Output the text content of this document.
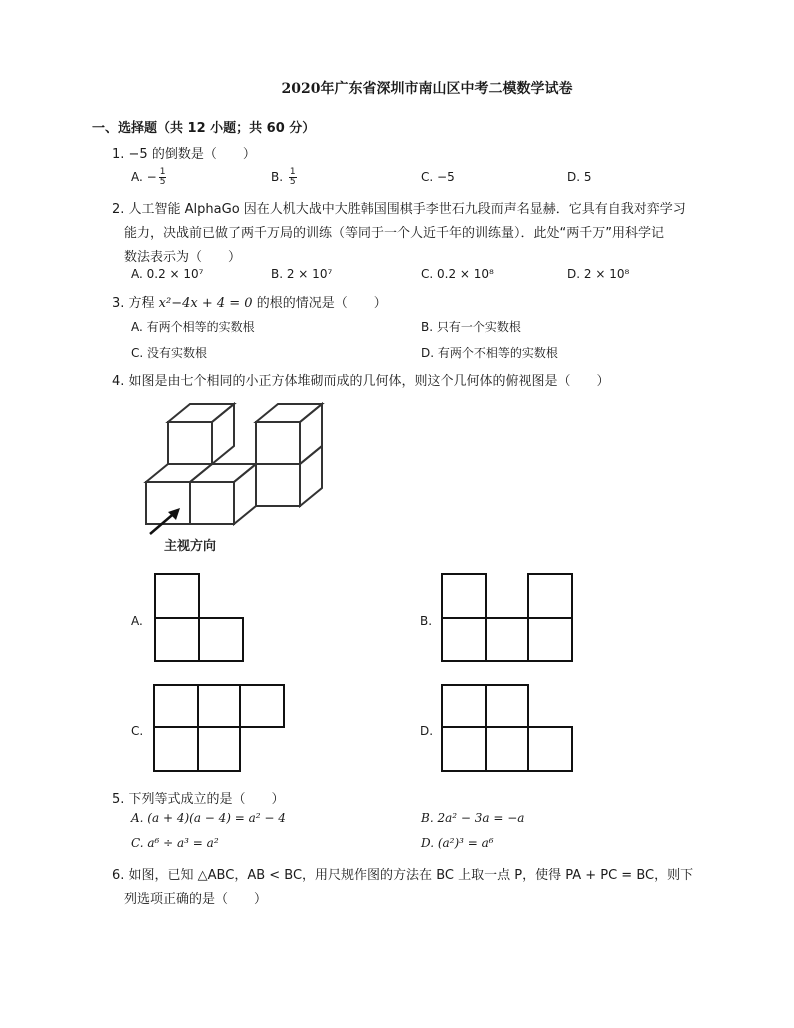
2020年广东省深圳市南山区中考二模数学试卷
一、选择题（共 12 小题；共 60 分）
1. −5 的倒数是（　　）
A. − $\frac{1}{5}$	B. $\frac{1}{5}$	C. −5	D. 5
2. 人工智能 AlphaGo 因在人机大战中大胜韩国围棋手李世石九段而声名显赫．它具有自我对弈学习
能力，决战前已做了两千万局的训练（等同于一个人近千年的训练量）．此处“两千万”用科学记
数法表示为（　　）
A. 0.2 × 10⁷	B. 2 × 10⁷	C. 0.2 × 10⁸	D. 2 × 10⁸
3. 方程 x²−4x + 4 = 0 的根的情况是（　　）
A. 有两个相等的实数根	B. 只有一个实数根
C. 没有实数根	D. 有两个不相等的实数根
4. 如图是由七个相同的小正方体堆砌而成的几何体，则这个几何体的俯视图是（　　）
主视方向
A.	B.
C.	D.
5. 下列等式成立的是（　　）
A. (a + 4)(a − 4) = a² − 4	B. 2a² − 3a = −a
C. a⁶ ÷ a³ = a²	D. (a²)³ = a⁶
6. 如图，已知 △ABC，AB < BC，用尺规作图的方法在 BC 上取一点 P，使得 PA + PC = BC，则下
列选项正确的是（　　）
